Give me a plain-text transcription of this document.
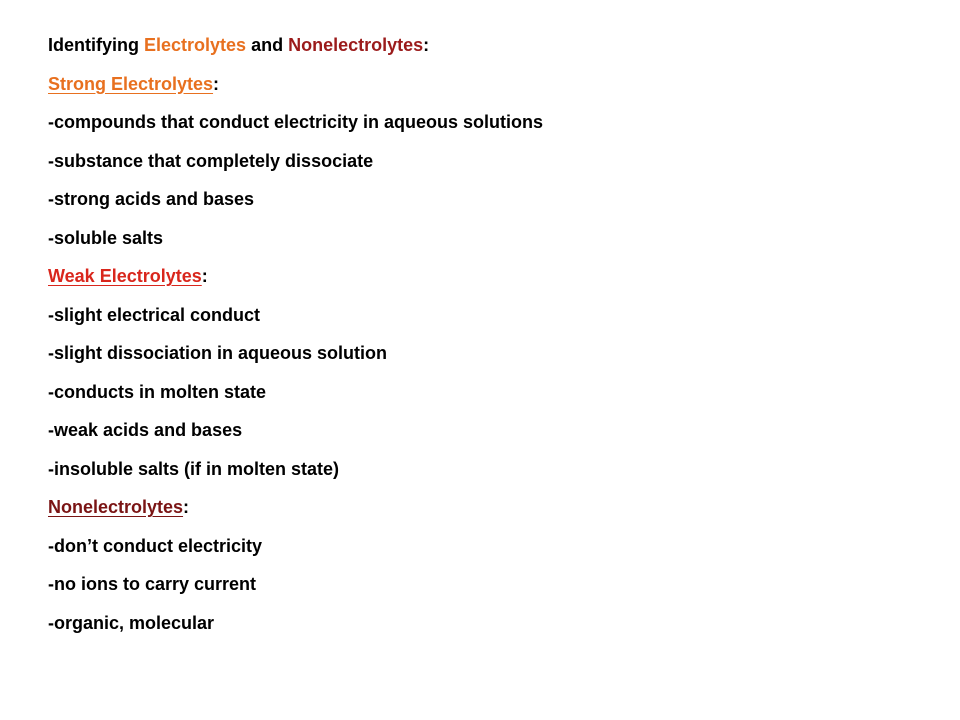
Identifying Electrolytes and Nonelectrolytes:
Strong Electrolytes:
-compounds that conduct electricity in aqueous solutions
-substance that completely dissociate
-strong acids and bases
-soluble salts
Weak Electrolytes:
-slight electrical conduct
-slight dissociation in aqueous solution
-conducts in molten state
-weak acids and bases
-insoluble salts (if in molten state)
Nonelectrolytes:
-don’t conduct electricity
-no ions to carry current
-organic, molecular
